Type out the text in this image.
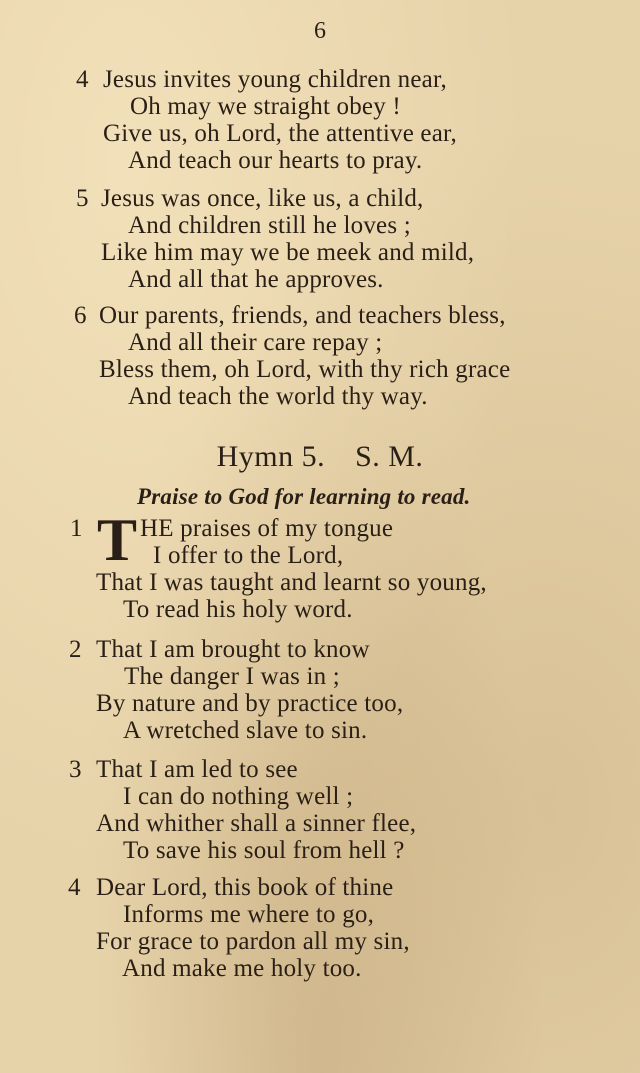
6
4 Jesus invites young children near,
Oh may we straight obey !
Give us, oh Lord, the attentive ear,
And teach our hearts to pray.
5 Jesus was once, like us, a child,
And children still he loves ;
Like him may we be meek and mild,
And all that he approves.
6 Our parents, friends, and teachers bless,
And all their care repay ;
Bless them, oh Lord, with thy rich grace
And teach the world thy way.
Hymn 5. S. M.
Praise to God for learning to read.
1 T HE praises of my tongue
I offer to the Lord,
That I was taught and learnt so young,
To read his holy word.
2 That I am brought to know
The danger I was in ;
By nature and by practice too,
A wretched slave to sin.
3 That I am led to see
I can do nothing well ;
And whither shall a sinner flee,
To save his soul from hell ?
4 Dear Lord, this book of thine
Informs me where to go,
For grace to pardon all my sin,
And make me holy too.
